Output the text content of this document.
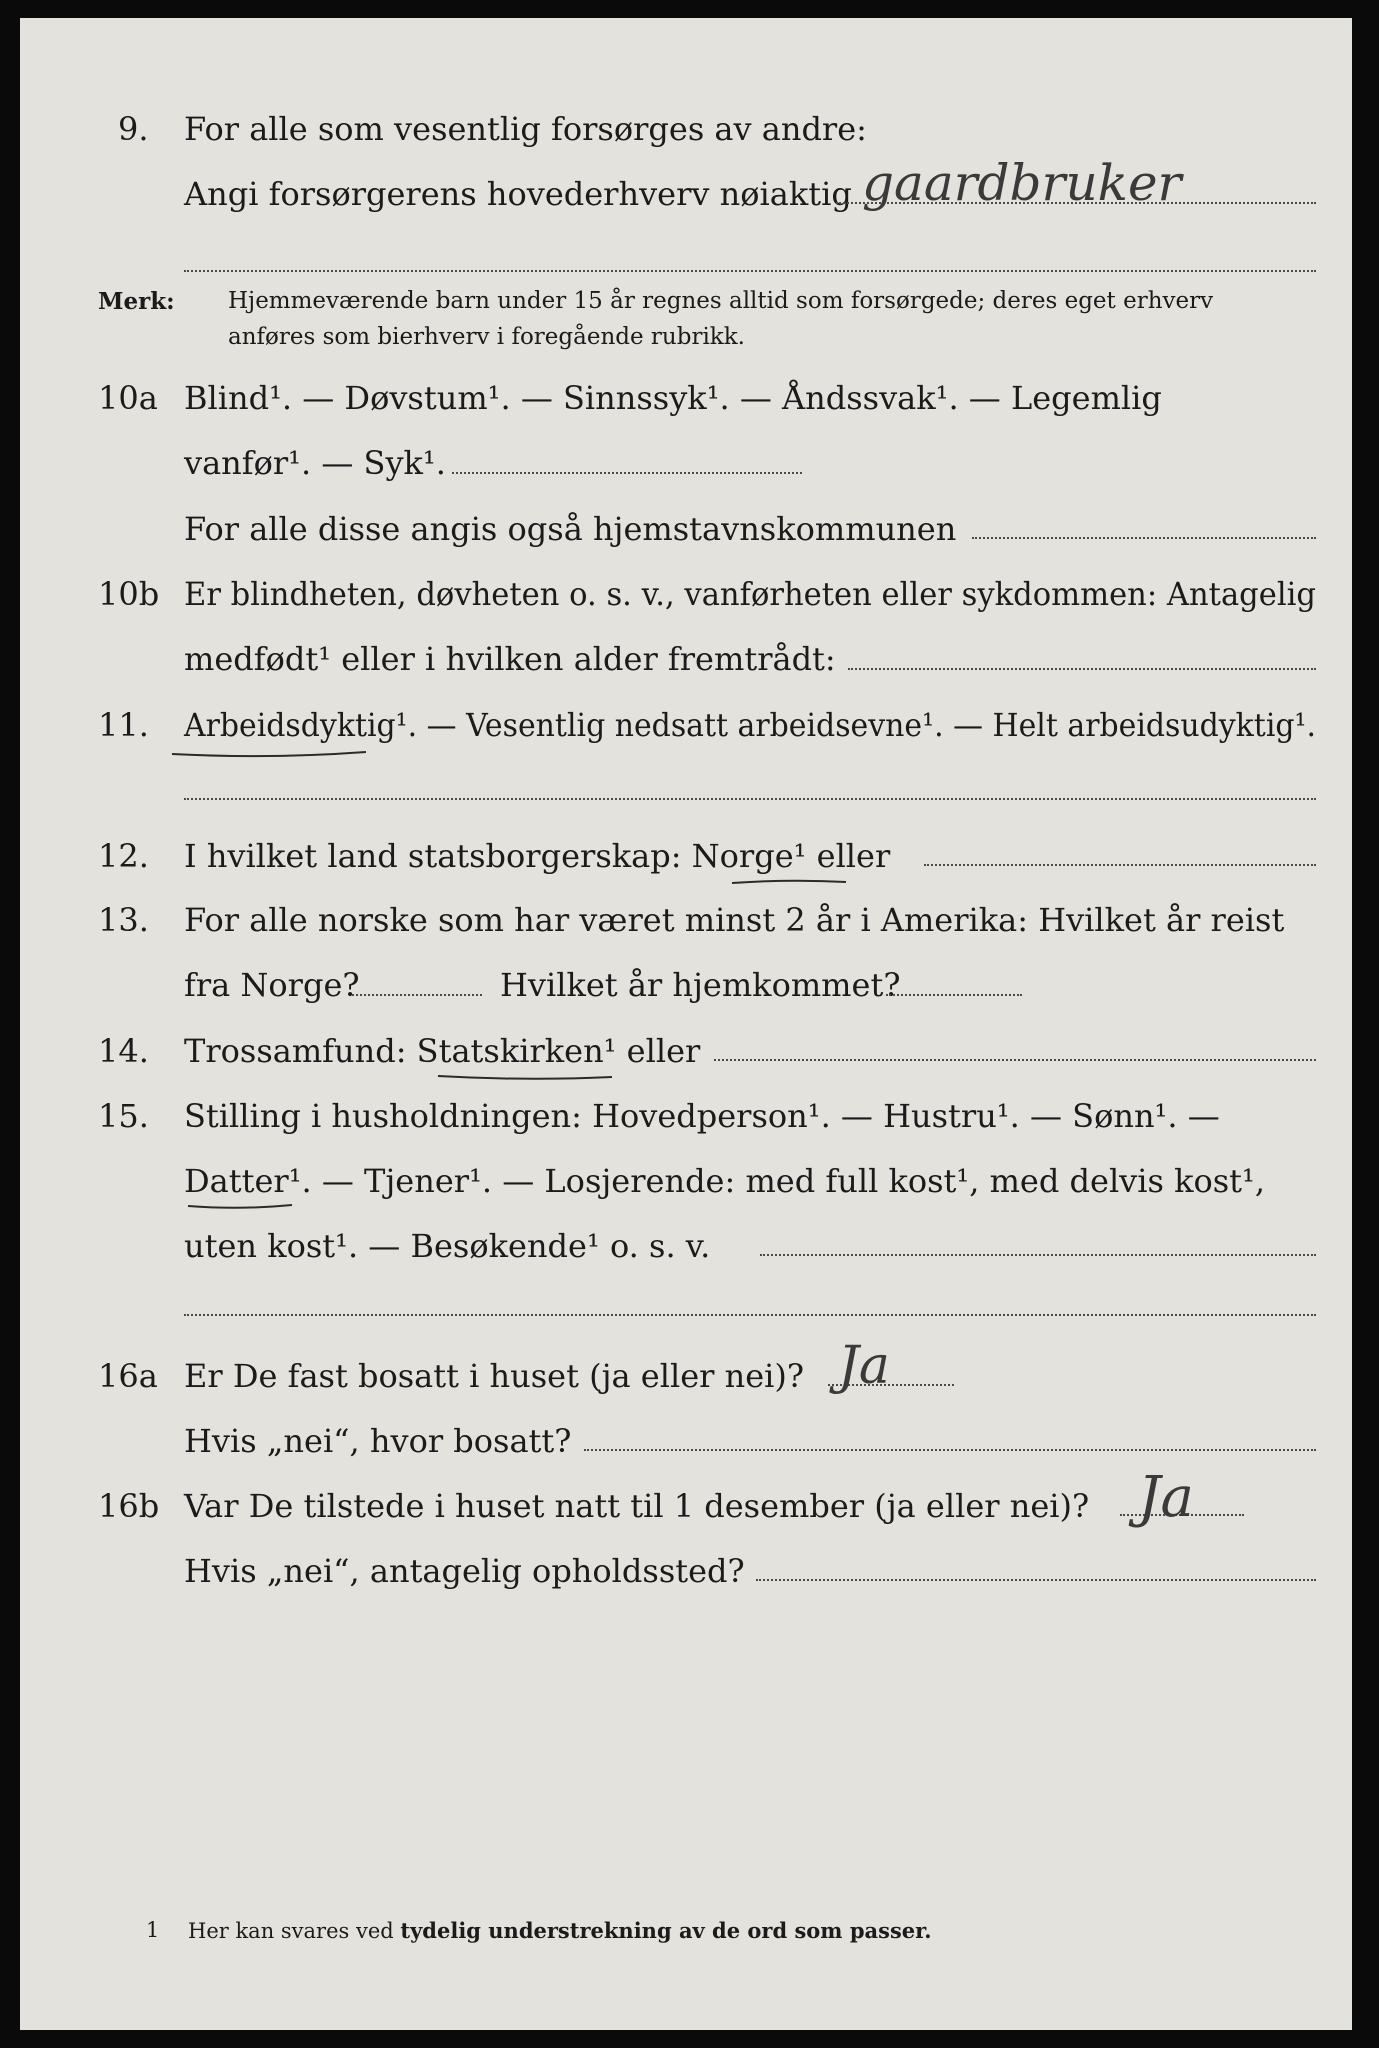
9. For alle som vesentlig forsørges av andre:
Angi forsørgerens hovederhverv nøiaktig gaardbruker
Merk: Hjemmeværende barn under 15 år regnes alltid som forsørgede; deres eget erhverv
anføres som bierhverv i foregående rubrikk.
10a Blind¹. — Døvstum¹. — Sinnssyk¹. — Åndssvak¹. — Legemlig
vanfør¹. — Syk¹.
For alle disse angis også hjemstavnskommunen
10b Er blindheten, døvheten o. s. v., vanførheten eller sykdommen: Antagelig
medfødt¹ eller i hvilken alder fremtrådt:
11. Arbeidsdyktig¹. — Vesentlig nedsatt arbeidsevne¹. — Helt arbeidsudyktig¹.
12. I hvilket land statsborgerskap: Norge¹ eller
13. For alle norske som har været minst 2 år i Amerika: Hvilket år reist
fra Norge?	Hvilket år hjemkommet?
14. Trossamfund: Statskirken¹ eller
15. Stilling i husholdningen: Hovedperson¹. — Hustru¹. — Sønn¹. —
Datter¹. — Tjener¹. — Losjerende: med full kost¹, med delvis kost¹,
uten kost¹. — Besøkende¹ o. s. v.
16a Er De fast bosatt i huset (ja eller nei)? Ja
Hvis „nei“, hvor bosatt?
16b Var De tilstede i huset natt til 1 desember (ja eller nei)? Ja
Hvis „nei“, antagelig opholdssted?
1 Her kan svares ved tydelig understrekning av de ord som passer.
